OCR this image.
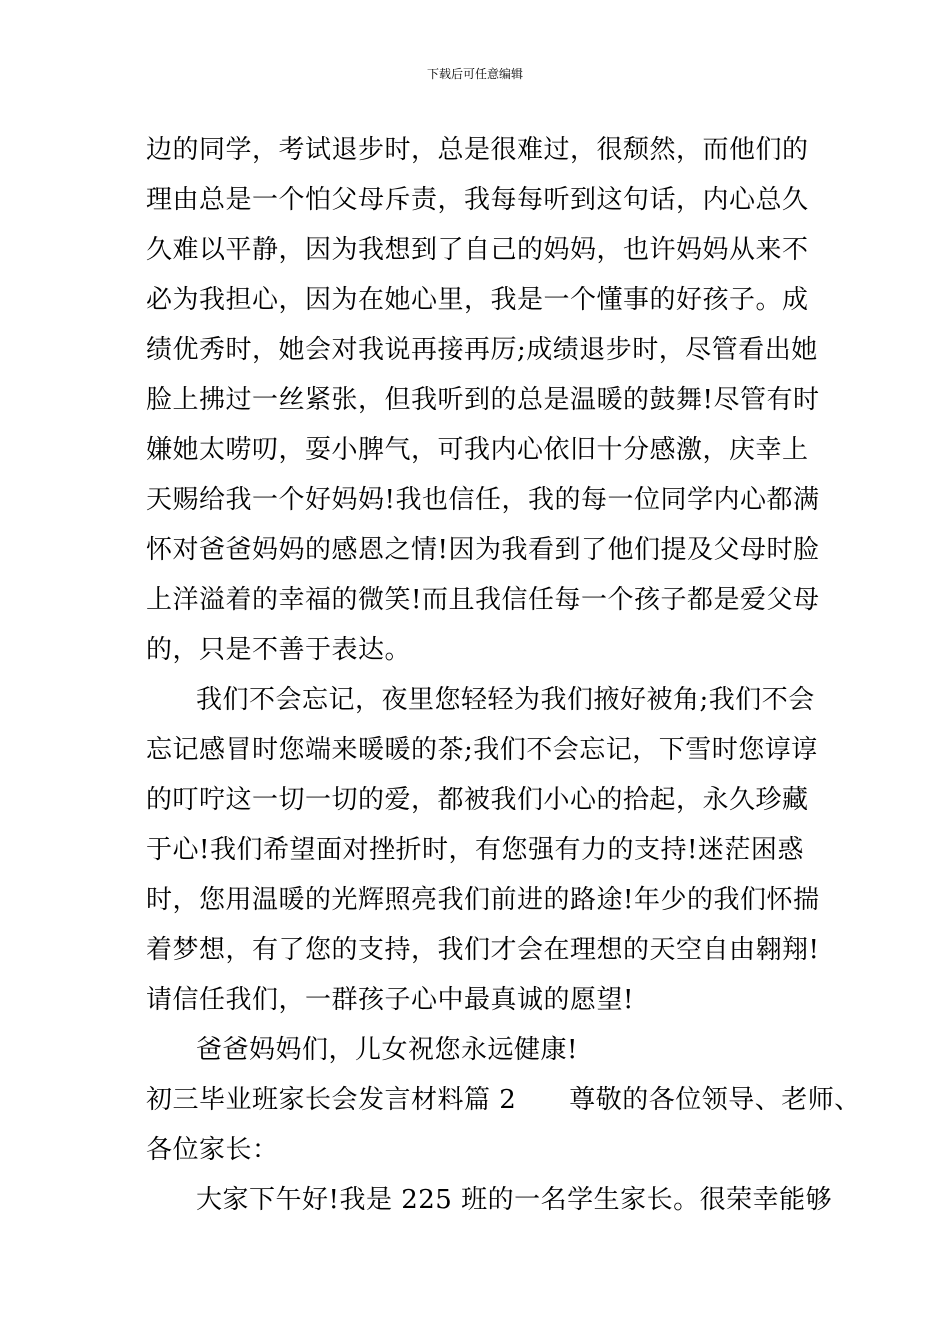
下载后可任意编辑
边的同学，考试退步时，总是很难过，很颓然，而他们的
理由总是一个怕父母斥责，我每每听到这句话，内心总久
久难以平静，因为我想到了自己的妈妈，也许妈妈从来不
必为我担心，因为在她心里，我是一个懂事的好孩子。成
绩优秀时，她会对我说再接再厉;成绩退步时，尽管看出她
脸上拂过一丝紧张，但我听到的总是温暖的鼓舞!尽管有时
嫌她太唠叨，耍小脾气，可我内心依旧十分感激，庆幸上
天赐给我一个好妈妈!我也信任，我的每一位同学内心都满
怀对爸爸妈妈的感恩之情!因为我看到了他们提及父母时脸
上洋溢着的幸福的微笑!而且我信任每一个孩子都是爱父母
的，只是不善于表达。
我们不会忘记，夜里您轻轻为我们掖好被角;我们不会
忘记感冒时您端来暖暖的茶;我们不会忘记，下雪时您谆谆
的叮咛这一切一切的爱，都被我们小心的拾起，永久珍藏
于心!我们希望面对挫折时，有您强有力的支持!迷茫困惑
时，您用温暖的光辉照亮我们前进的路途!年少的我们怀揣
着梦想，有了您的支持，我们才会在理想的天空自由翱翔!
请信任我们，一群孩子心中最真诚的愿望!
爸爸妈妈们，儿女祝您永远健康!
初三毕业班家长会发言材料篇 2　　尊敬的各位领导、老师、
各位家长：
大家下午好!我是 225 班的一名学生家长。很荣幸能够
